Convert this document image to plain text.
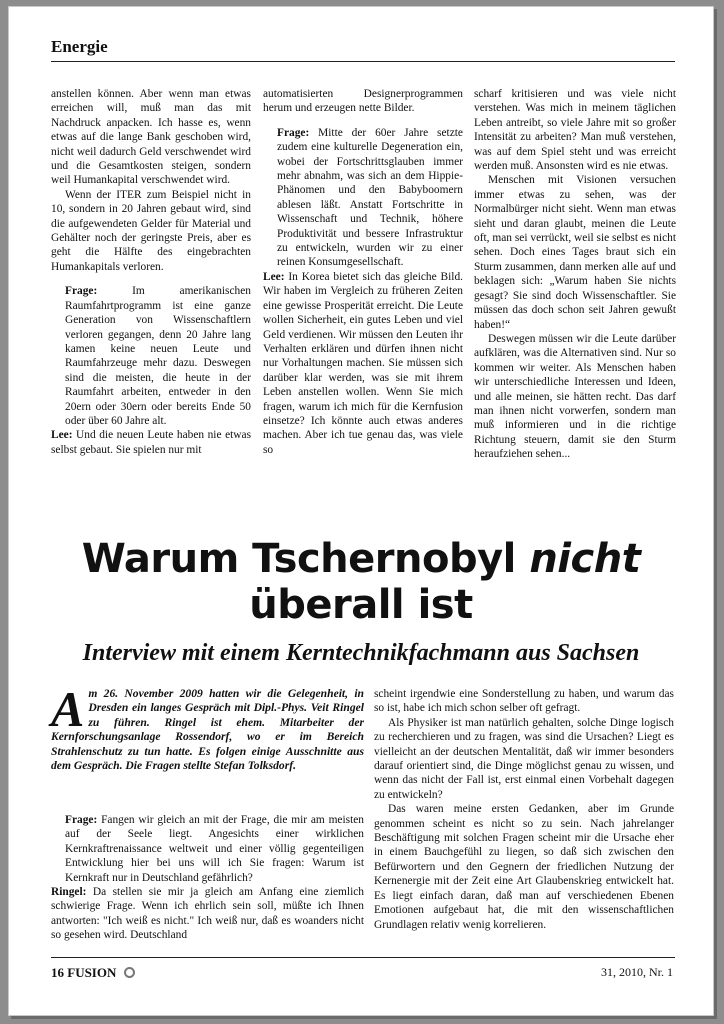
Energie

anstellen können. Aber wenn man etwas erreichen will, muß man das mit Nachdruck anpacken. Ich hasse es, wenn etwas auf die lange Bank geschoben wird, nicht weil dadurch Geld verschwendet wird und die Gesamtkosten steigen, sondern weil Humankapital verschwendet wird.

Wenn der ITER zum Beispiel nicht in 10, sondern in 20 Jahren gebaut wird, sind die aufgewendeten Gelder für Material und Gehälter noch der geringste Preis, aber es geht die Hälfte des eingebrachten Humankapitals verloren.

Frage: Im amerikanischen Raumfahrtprogramm ist eine ganze Generation von Wissenschaftlern verloren gegangen, denn 20 Jahre lang kamen keine neuen Leute und Raumfahrzeuge mehr dazu. Deswegen sind die meisten, die heute in der Raumfahrt arbeiten, entweder in den 20ern oder 30ern oder bereits Ende 50 oder über 60 Jahre alt.

Lee: Und die neuen Leute haben nie etwas selbst gebaut. Sie spielen nur mit

automatisierten Designerprogrammen herum und erzeugen nette Bilder.

Frage: Mitte der 60er Jahre setzte zudem eine kulturelle Degeneration ein, wobei der Fortschrittsglauben immer mehr abnahm, was sich an dem Hippie-Phänomen und den Babyboomern ablesen läßt. Anstatt Fortschritte in Wissenschaft und Technik, höhere Produktivität und bessere Infrastruktur zu entwickeln, wurden wir zu einer reinen Konsumgesellschaft.

Lee: In Korea bietet sich das gleiche Bild. Wir haben im Vergleich zu früheren Zeiten eine gewisse Prosperität erreicht. Die Leute wollen Sicherheit, ein gutes Leben und viel Geld verdienen. Wir müssen den Leuten ihr Verhalten erklären und dürfen ihnen nicht nur Vorhaltungen machen. Sie müssen sich darüber klar werden, was sie mit ihrem Leben anstellen wollen. Wenn Sie mich fragen, warum ich mich für die Kernfusion einsetze? Ich könnte auch etwas anderes machen. Aber ich tue genau das, was viele so

scharf kritisieren und was viele nicht verstehen. Was mich in meinem täglichen Leben antreibt, so viele Jahre mit so großer Intensität zu arbeiten? Man muß verstehen, was auf dem Spiel steht und was erreicht werden muß. Ansonsten wird es nie etwas.

Menschen mit Visionen versuchen immer etwas zu sehen, was der Normalbürger nicht sieht. Wenn man etwas sieht und daran glaubt, meinen die Leute oft, man sei verrückt, weil sie selbst es nicht sehen. Doch eines Tages braut sich ein Sturm zusammen, dann merken alle auf und beklagen sich: „Warum haben Sie nichts gesagt? Sie sind doch Wissenschaftler. Sie müssen das doch schon seit Jahren gewußt haben!“

Deswegen müssen wir die Leute darüber aufklären, was die Alternativen sind. Nur so kommen wir weiter. Als Menschen haben wir unterschiedliche Interessen und Ideen, und alle meinen, sie hätten recht. Das darf man ihnen nicht vorwerfen, sondern man muß informieren und in die richtige Richtung steuern, damit sie den Sturm heraufziehen sehen...

Warum Tschernobyl nicht
überall ist
Interview mit einem Kerntechnikfachmann aus Sachsen
Am 26. November 2009 hatten wir die Gelegenheit, in Dresden ein langes Gespräch mit Dipl.-Phys. Veit Ringel zu führen. Ringel ist ehem. Mitarbeiter der Kernforschungsanlage Rossendorf, wo er im Bereich Strahlenschutz zu tun hatte. Es folgen einige Ausschnitte aus dem Gespräch. Die Fragen stellte Stefan Tolksdorf.

Frage: Fangen wir gleich an mit der Frage, die mir am meisten auf der Seele liegt. Angesichts einer wirklichen Kernkraftrenaissance weltweit und einer völlig gegenteiligen Entwicklung hier bei uns will ich Sie fragen: Warum ist Kernkraft nur in Deutschland gefährlich?

Ringel: Da stellen sie mir ja gleich am Anfang eine ziemlich schwierige Frage. Wenn ich ehrlich sein soll, müßte ich Ihnen antworten: "Ich weiß es nicht." Ich weiß nur, daß es woanders nicht so gesehen wird. Deutschland

scheint irgendwie eine Sonderstellung zu haben, und warum das so ist, habe ich mich schon selber oft gefragt.

Als Physiker ist man natürlich gehalten, solche Dinge logisch zu recherchieren und zu fragen, was sind die Ursachen? Liegt es vielleicht an der deutschen Mentalität, daß wir immer besonders darauf orientiert sind, die Dinge möglichst genau zu wissen, und wenn das nicht der Fall ist, erst einmal einen Vorbehalt dagegen zu entwickeln?

Das waren meine ersten Gedanken, aber im Grunde genommen scheint es nicht so zu sein. Nach jahrelanger Beschäftigung mit solchen Fragen scheint mir die Ursache eher in einem Bauchgefühl zu liegen, so daß sich zwischen den Befürwortern und den Gegnern der friedlichen Nutzung der Kernenergie mit der Zeit eine Art Glaubenskrieg entwickelt hat. Es liegt einfach daran, daß man auf verschiedenen Ebenen Emotionen aufgebaut hat, die mit den wissenschaftlichen Grundlagen relativ wenig korrelieren.

16 FUSION	31, 2010, Nr. 1
